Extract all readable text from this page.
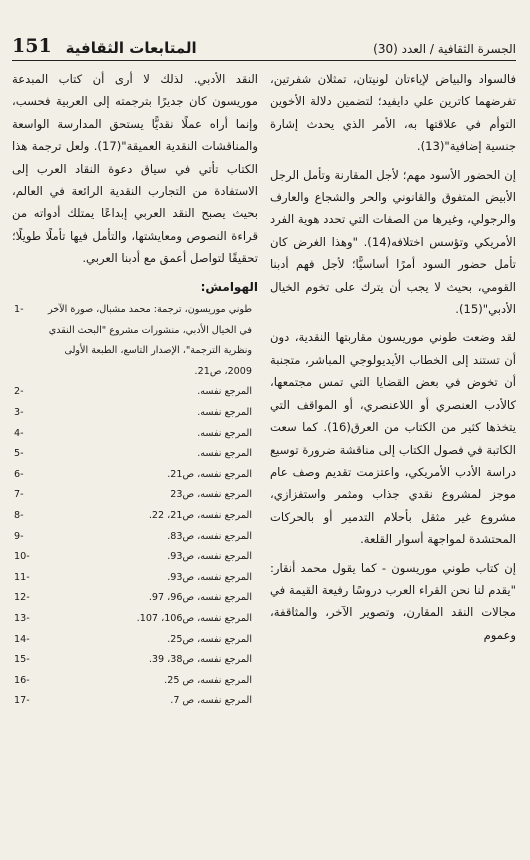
151 المتابعات الثقافية	الجسرة الثقافية / العدد (30)

فالسواد والبياض لإياءتان لونيتان، تمثلان شفرتين، تفرضهما كاترين علي دايفيد؛ لتضمين دلالة الأخوين التوأم في علاقتها به، الأمر الذي يحدث إشارة جنسية إضافية"(13).

إن الحضور الأسود مهم؛ لأجل المقارنة وتأمل الرجل الأبيض المتفوق والقانوني والحر والشجاع والعارف والرجولي، وغيرها من الصفات التي تحدد هوية الفرد الأمريكي وتؤسس اختلافه(14). "وهذا الغرض كان تأمل حضور السود أمرًا أساسيًّا؛ لأجل فهم أدبنا القومي، بحيث لا يجب أن يترك على تخوم الخيال الأدبي"(15).

لقد وضعت طوني موريسون مقاربتها النقدية، دون أن تستند إلى الخطاب الأيديولوجي المباشر، متجنبة أن تخوض في بعض القضايا التي تمس مجتمعها، كالأدب العنصري أو اللاعنصري، أو المواقف التي يتخذها كثير من الكتاب من العرق(16). كما سعت الكاتبة في فصول الكتاب إلى مناقشة ضرورة توسيع دراسة الأدب الأمريكي، واعتزمت تقديم وصف عام موجز لمشروع نقدي جذاب ومثمر واستفزازي، مشروع غير مثقل بأحلام التدمير أو بالحركات المحتشدة لمواجهة أسوار القلعة.

إن كتاب طوني موريسون - كما يقول محمد أنقار: "يقدم لنا نحن القراء العرب دروسًا رفيعة القيمة في مجالات النقد المقارن، وتصوير الآخر، والمثاقفة، وعموم

النقد الأدبي. لذلك لا أرى أن كتاب المبدعة موريسون كان جديرًا بترجمته إلى العربية فحسب، وإنما أراه عملًا نقديًّا يستحق المدارسة الواسعة والمناقشات النقدية العميقة"(17). ولعل ترجمة هذا الكتاب تأتي في سياق دعوة النقاد العرب إلى الاستفادة من التجارب النقدية الرائعة في العالم، بحيث يصبح النقد العربي إبداعًا يمتلك أدواته من قراءة النصوص ومعايشتها، والتأمل فيها تأملًا طويلًا؛ تحقيقًا لتواصل أعمق مع أدبنا العربي.

الهوامش:
طوني موريسون، ترجمة: محمد مشبال، صورة الآخر في الخيال الأدبي، منشورات مشروع "البحث النقدي ونظرية الترجمة"، الإصدار التاسع، الطبعة الأولى 2009، ص21.
1-
المرجع نفسه.
2-
المرجع نفسه.
3-
المرجع نفسه.
4-
المرجع نفسه.
5-
المرجع نفسه، ص21.
6-
المرجع نفسه، ص23
7-
المرجع نفسه، ص21، 22.
8-
المرجع نفسه، ص83.
9-
المرجع نفسه، ص93.
10-
المرجع نفسه، ص93.
11-
المرجع نفسه، ص96، 97.
12-
المرجع نفسه، ص106، 107.
13-
المرجع نفسه، ص25.
14-
المرجع نفسه، ص38، 39.
15-
المرجع نفسه، ص 25.
16-
المرجع نفسه، ص 7.
17-
